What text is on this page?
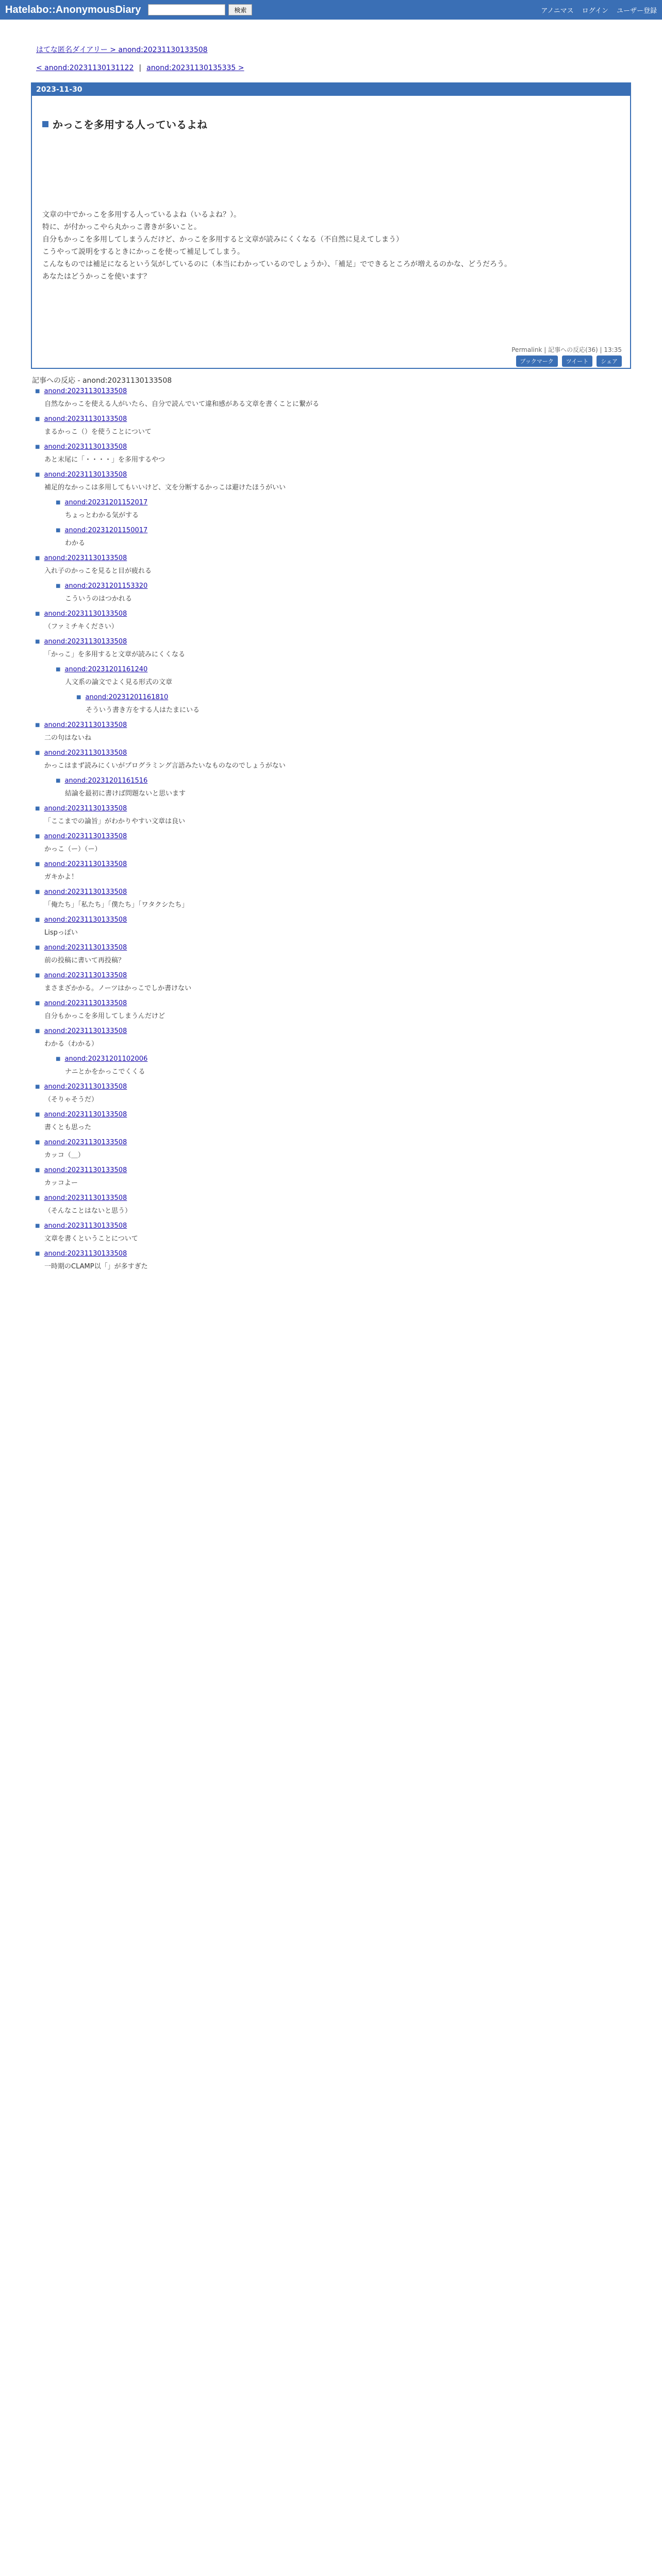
Hatelabo::AnonymousDiary	検索	アノニマス ログイン ユーザー登録
はてな匿名ダイアリー > anond:20231130133508
< anond:20231130131122 | anond:20231130135335 >
2023-11-30
かっこを多用する人っているよね
文章の中でかっこを多用する人っているよね（いるよね？）。
特に、が付かっこやら丸かっこ書きが多いこと。
自分もかっこを多用してしまうんだけど、かっこを多用すると文章が読みにくくなる（不自然に見えてしまう）
こうやって説明をするときにかっこを使って補足してしまう。
こんなものでは補足になるという気がしているのに（本当にわかっているのでしょうか）、「補足」でできるところが増えるのかな、どうだろう。
あなたはどうかっこを使います？
Permalink | 記事への反応(36) | 13:35
ブックマーク	ツイート	シェア
記事への反応 - anond:20231130133508
■ anond:20231130133508
自然なかっこを使える人がいたら、自分で読んでいて違和感がある文章を書くことに繋がる
■ anond:20231130133508
まるかっこ（）を使うことについて
■ anond:20231130133508
あと末尾に「・・・・」を多用するやつ
■ anond:20231130133508
補足的なかっこは多用してもいいけど、文を分断するかっこは避けたほうがいい
■ anond:20231201152017
ちょっとわかる気がする
■ anond:20231201150017
わかる
■ anond:20231130133508
入れ子のかっこを見ると目が疲れる
■ anond:20231201153320
こういうのはつかれる
■ anond:20231130133508
（ファミチキください）
■ anond:20231130133508
「かっこ」を多用すると文章が読みにくくなる
■ anond:20231201161240
人文系の論文でよく見る形式の文章
■ anond:20231201161810
そういう書き方をする人はたまにいる
■ anond:20231130133508
二の句はないね
■ anond:20231130133508
かっこはまず読みにくいがプログラミング言語みたいなものなのでしょうがない
■ anond:20231201161516
結論を最初に書けば問題ないと思います
■ anond:20231130133508
「ここまでの論旨」がわかりやすい文章は良い
■ anond:20231130133508
かっこ（ー）（ー）
■ anond:20231130133508
ガキかよ！
■ anond:20231130133508
「俺たち」「私たち」「僕たち」「ワタクシたち」
■ anond:20231130133508
Lispっぽい
■ anond:20231130133508
前の投稿に書いて再投稿？
■ anond:20231130133508
まさまざかかる。ノーツはかっこでしか書けない
■ anond:20231130133508
自分もかっこを多用してしまうんだけど
■ anond:20231130133508
わかる（わかる）
■ anond:20231201102006
ナニとかをかっこでくくる
■ anond:20231130133508
（そりゃそうだ）
■ anond:20231130133508
書くとも思った
■ anond:20231130133508
カッコ（＿）
■ anond:20231130133508
カッコよー
■ anond:20231130133508
（そんなことはないと思う）
■ anond:20231130133508
文章を書くということについて
■ anond:20231130133508
一時期のCLAMP以「」が多すぎた
